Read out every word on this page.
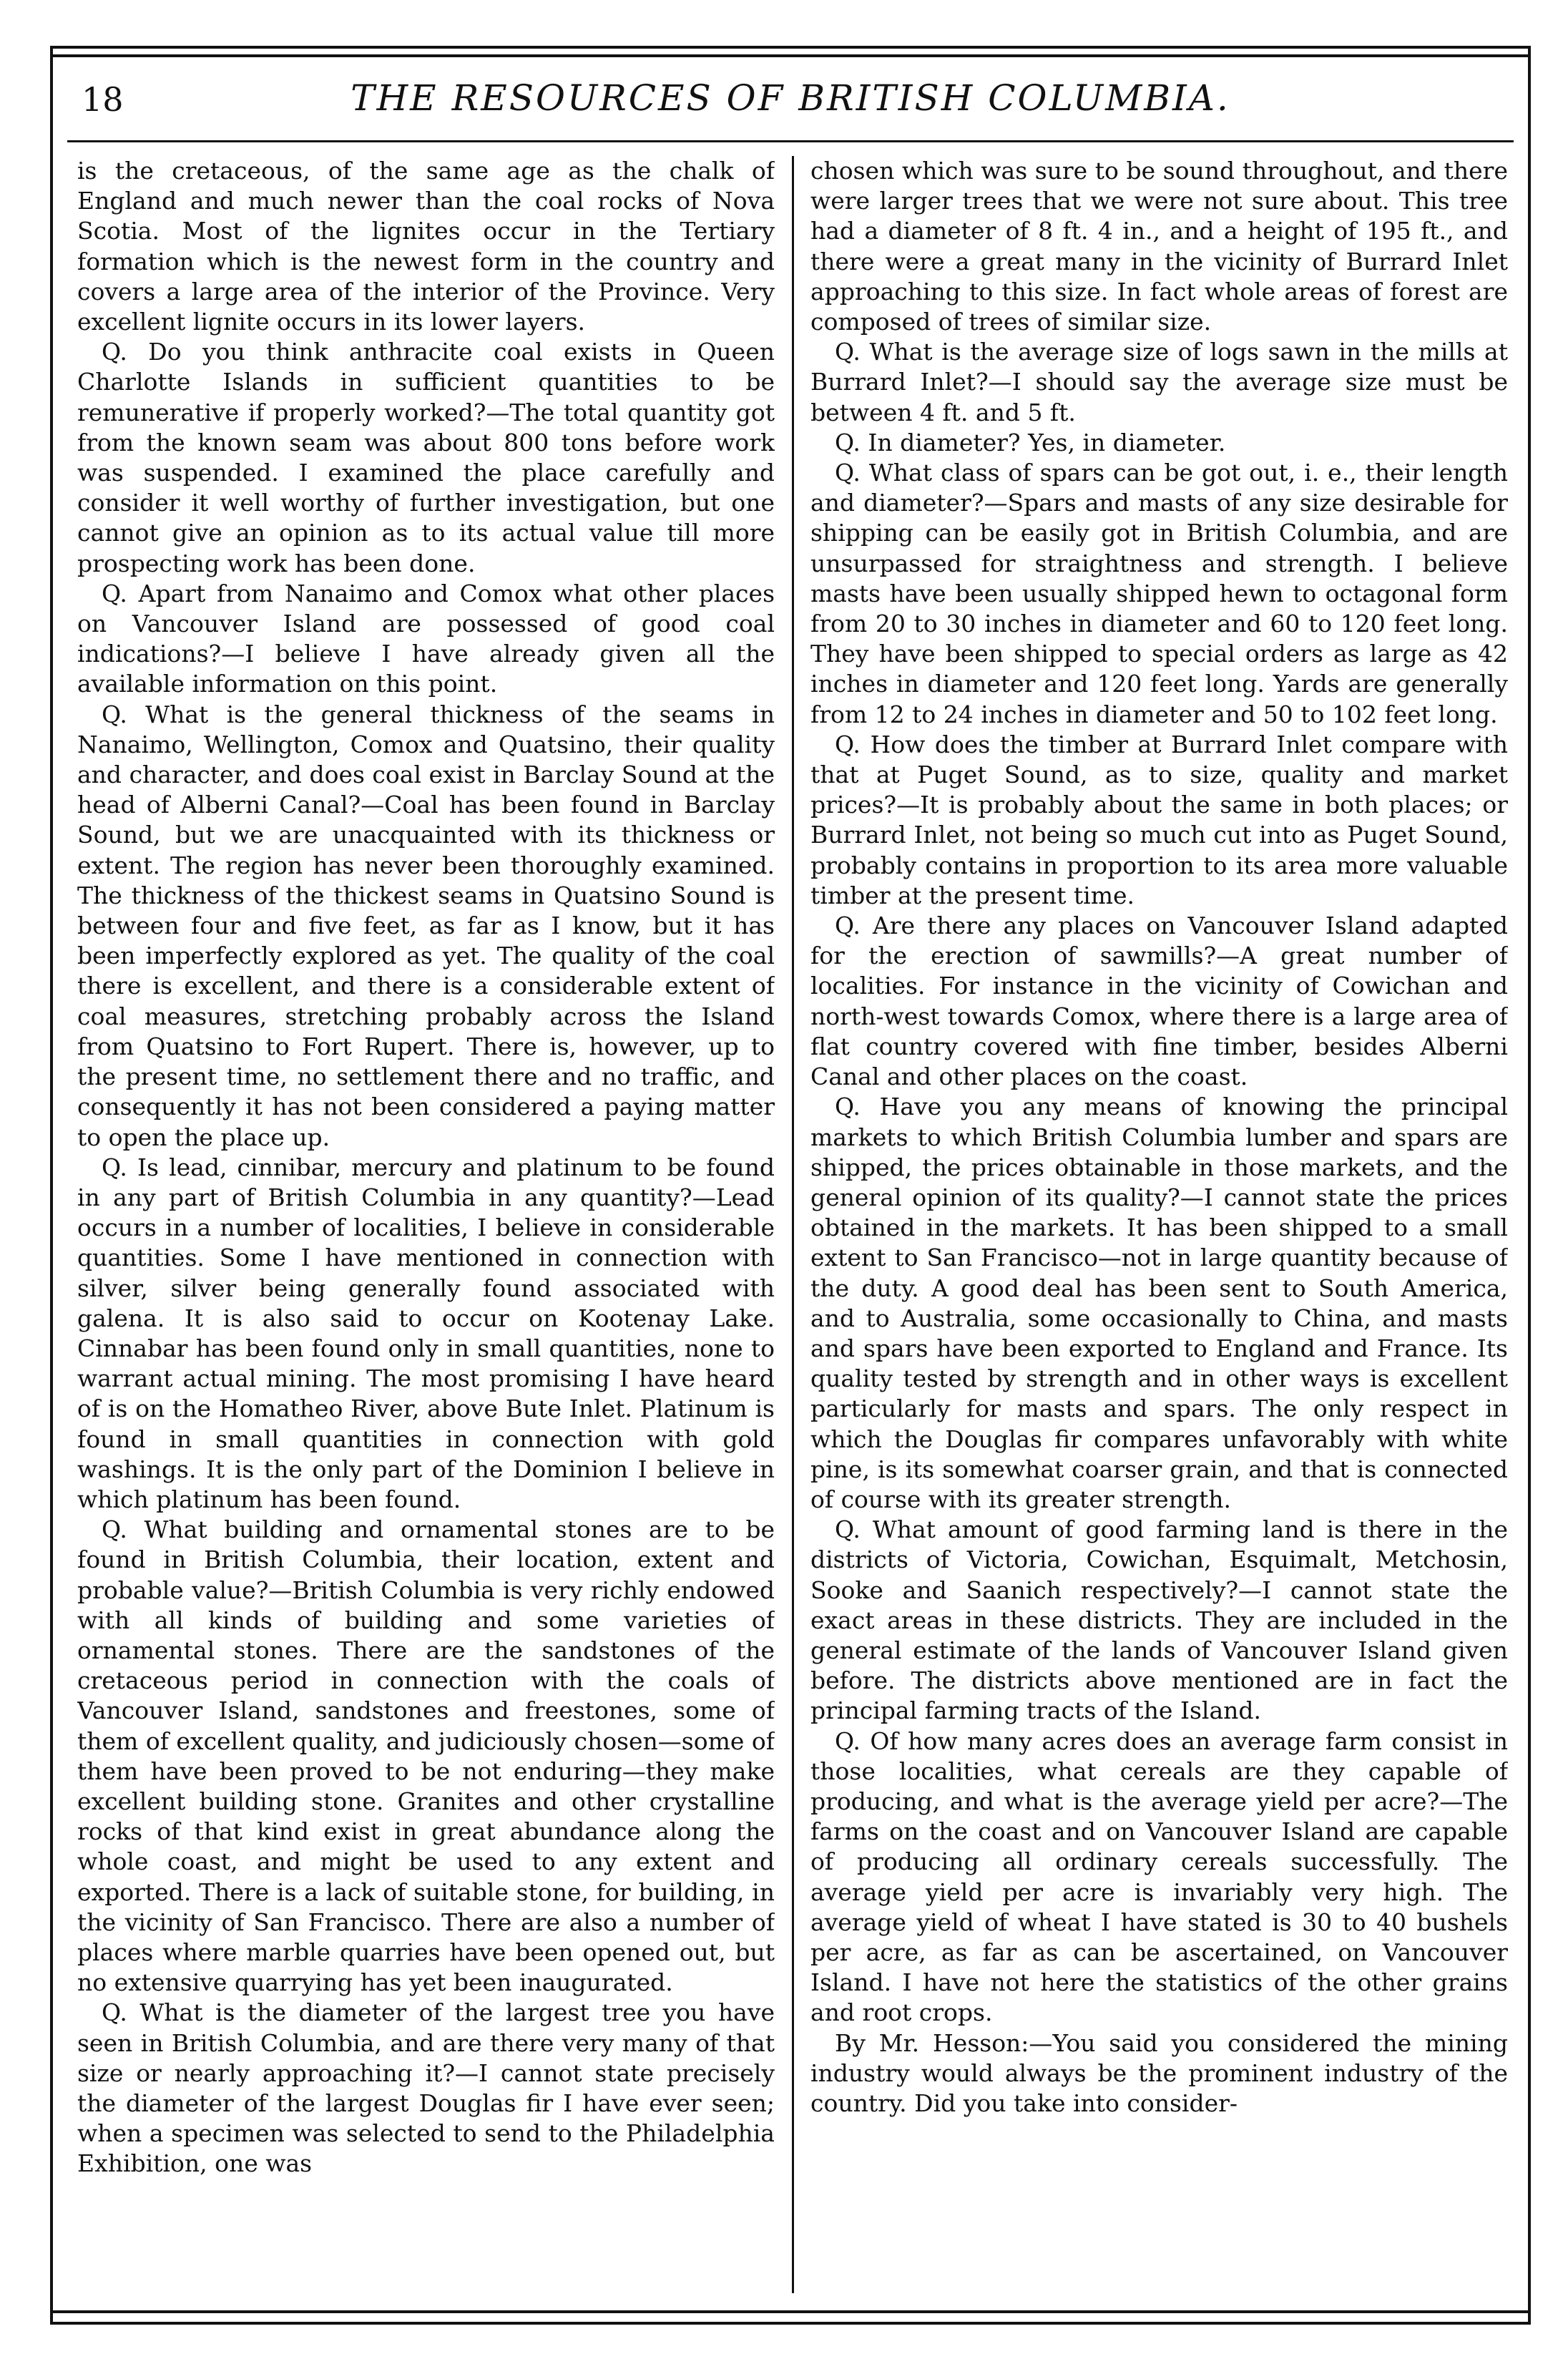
18	THE RESOURCES OF BRITISH COLUMBIA.

is the cretaceous, of the same age as the chalk of England and much newer than the coal rocks of Nova Scotia. Most of the lignites occur in the Tertiary formation which is the newest form in the country and covers a large area of the interior of the Province. Very excellent lignite occurs in its lower layers.

Q. Do you think anthracite coal exists in Queen Charlotte Islands in sufficient quantities to be remunerative if properly worked?—The total quantity got from the known seam was about 800 tons before work was suspended. I examined the place carefully and consider it well worthy of further investigation, but one cannot give an opinion as to its actual value till more prospecting work has been done.

Q. Apart from Nanaimo and Comox what other places on Vancouver Island are possessed of good coal indications?—I believe I have already given all the available information on this point.

Q. What is the general thickness of the seams in Nanaimo, Wellington, Comox and Quatsino, their quality and character, and does coal exist in Barclay Sound at the head of Alberni Canal?—Coal has been found in Barclay Sound, but we are unacquainted with its thickness or extent. The region has never been thoroughly examined. The thickness of the thickest seams in Quatsino Sound is between four and five feet, as far as I know, but it has been imperfectly explored as yet. The quality of the coal there is excellent, and there is a considerable extent of coal measures, stretching probably across the Island from Quatsino to Fort Rupert. There is, however, up to the present time, no settlement there and no traffic, and consequently it has not been considered a paying matter to open the place up.

Q. Is lead, cinnibar, mercury and platinum to be found in any part of British Columbia in any quantity?—Lead occurs in a number of localities, I believe in considerable quantities. Some I have mentioned in connection with silver, silver being generally found associated with galena. It is also said to occur on Kootenay Lake. Cinnabar has been found only in small quantities, none to warrant actual mining. The most promising I have heard of is on the Homatheo River, above Bute Inlet. Platinum is found in small quantities in connection with gold washings. It is the only part of the Dominion I believe in which platinum has been found.

Q. What building and ornamental stones are to be found in British Columbia, their location, extent and probable value?—British Columbia is very richly endowed with all kinds of building and some varieties of ornamental stones. There are the sandstones of the cretaceous period in connection with the coals of Vancouver Island, sandstones and freestones, some of them of excellent quality, and judiciously chosen—some of them have been proved to be not enduring—they make excellent building stone. Granites and other crystalline rocks of that kind exist in great abundance along the whole coast, and might be used to any extent and exported. There is a lack of suitable stone, for building, in the vicinity of San Francisco. There are also a number of places where marble quarries have been opened out, but no extensive quarrying has yet been inaugurated.

Q. What is the diameter of the largest tree you have seen in British Columbia, and are there very many of that size or nearly approaching it?—I cannot state precisely the diameter of the largest Douglas fir I have ever seen; when a specimen was selected to send to the Philadelphia Exhibition, one was

chosen which was sure to be sound throughout, and there were larger trees that we were not sure about. This tree had a diameter of 8 ft. 4 in., and a height of 195 ft., and there were a great many in the vicinity of Burrard Inlet approaching to this size. In fact whole areas of forest are composed of trees of similar size.

Q. What is the average size of logs sawn in the mills at Burrard Inlet?—I should say the average size must be between 4 ft. and 5 ft.

Q. In diameter? Yes, in diameter.

Q. What class of spars can be got out, i. e., their length and diameter?—Spars and masts of any size desirable for shipping can be easily got in British Columbia, and are unsurpassed for straightness and strength. I believe masts have been usually shipped hewn to octagonal form from 20 to 30 inches in diameter and 60 to 120 feet long. They have been shipped to special orders as large as 42 inches in diameter and 120 feet long. Yards are generally from 12 to 24 inches in diameter and 50 to 102 feet long.

Q. How does the timber at Burrard Inlet compare with that at Puget Sound, as to size, quality and market prices?—It is probably about the same in both places; or Burrard Inlet, not being so much cut into as Puget Sound, probably contains in proportion to its area more valuable timber at the present time.

Q. Are there any places on Vancouver Island adapted for the erection of sawmills?—A great number of localities. For instance in the vicinity of Cowichan and north-west towards Comox, where there is a large area of flat country covered with fine timber, besides Alberni Canal and other places on the coast.

Q. Have you any means of knowing the principal markets to which British Columbia lumber and spars are shipped, the prices obtainable in those markets, and the general opinion of its quality?—I cannot state the prices obtained in the markets. It has been shipped to a small extent to San Francisco—not in large quantity because of the duty. A good deal has been sent to South America, and to Australia, some occasionally to China, and masts and spars have been exported to England and France. Its quality tested by strength and in other ways is excellent particularly for masts and spars. The only respect in which the Douglas fir compares unfavorably with white pine, is its somewhat coarser grain, and that is connected of course with its greater strength.

Q. What amount of good farming land is there in the districts of Victoria, Cowichan, Esquimalt, Metchosin, Sooke and Saanich respectively?—I cannot state the exact areas in these districts. They are included in the general estimate of the lands of Vancouver Island given before. The districts above mentioned are in fact the principal farming tracts of the Island.

Q. Of how many acres does an average farm consist in those localities, what cereals are they capable of producing, and what is the average yield per acre?—The farms on the coast and on Vancouver Island are capable of producing all ordinary cereals successfully. The average yield per acre is invariably very high. The average yield of wheat I have stated is 30 to 40 bushels per acre, as far as can be ascertained, on Vancouver Island. I have not here the statistics of the other grains and root crops.

By Mr. Hesson:—You said you considered the mining industry would always be the prominent industry of the country. Did you take into consider-
